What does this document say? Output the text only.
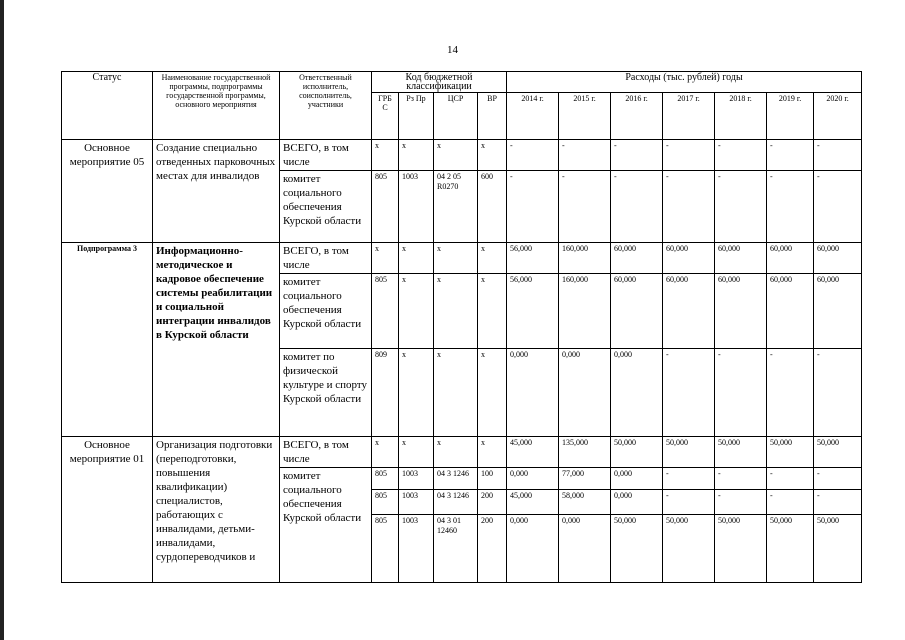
14
Статус	Наименование государственной программы, подпрограммы государственной программы, основного мероприятия	Ответственный исполнитель, соисполнитель, участники	Код бюджетной классификации				Расходы (тыс. рублей) годы						
			ГРБ С	Рз Пр	ЦСР	ВР	2014 г.	2015 г.	2016 г.	2017 г.	2018 г.	2019 г.	2020 г.
Основное мероприятие 05	Создание специально отведенных парковочных местах для инвалидов	ВСЕГО, в том числе	x	x	x	x	-	-	-	-	-	-	-
		комитет социального обеспечения Курской области	805	1003	04 2 05 R0270	600	-	-	-	-	-	-	-
Подпрограмма 3	Информационно-методическое и кадровое обеспечение системы реабилитации и социальной интеграции инвалидов в Курской области	ВСЕГО, в том числе	x	x	x	x	56,000	160,000	60,000	60,000	60,000	60,000	60,000
		комитет социального обеспечения Курской области	805	x	x	x	56,000	160,000	60,000	60,000	60,000	60,000	60,000
		комитет по физической культуре и спорту Курской области	809	x	x	x	0,000	0,000	0,000	-	-	-	-
Основное мероприятие 01	Организация подготовки (переподготовки, повышения квалификации) специалистов, работающих с инвалидами, детьми-инвалидами, сурдопереводчиков и	ВСЕГО, в том числе	x	x	x	x	45,000	135,000	50,000	50,000	50,000	50,000	50,000
		комитет социального обеспечения Курской области	805	1003	04 3 1246	100	0,000	77,000	0,000	-	-	-	-
			805	1003	04 3 1246	200	45,000	58,000	0,000	-	-	-	-
			805	1003	04 3 01 12460	200	0,000	0,000	50,000	50,000	50,000	50,000	50,000
